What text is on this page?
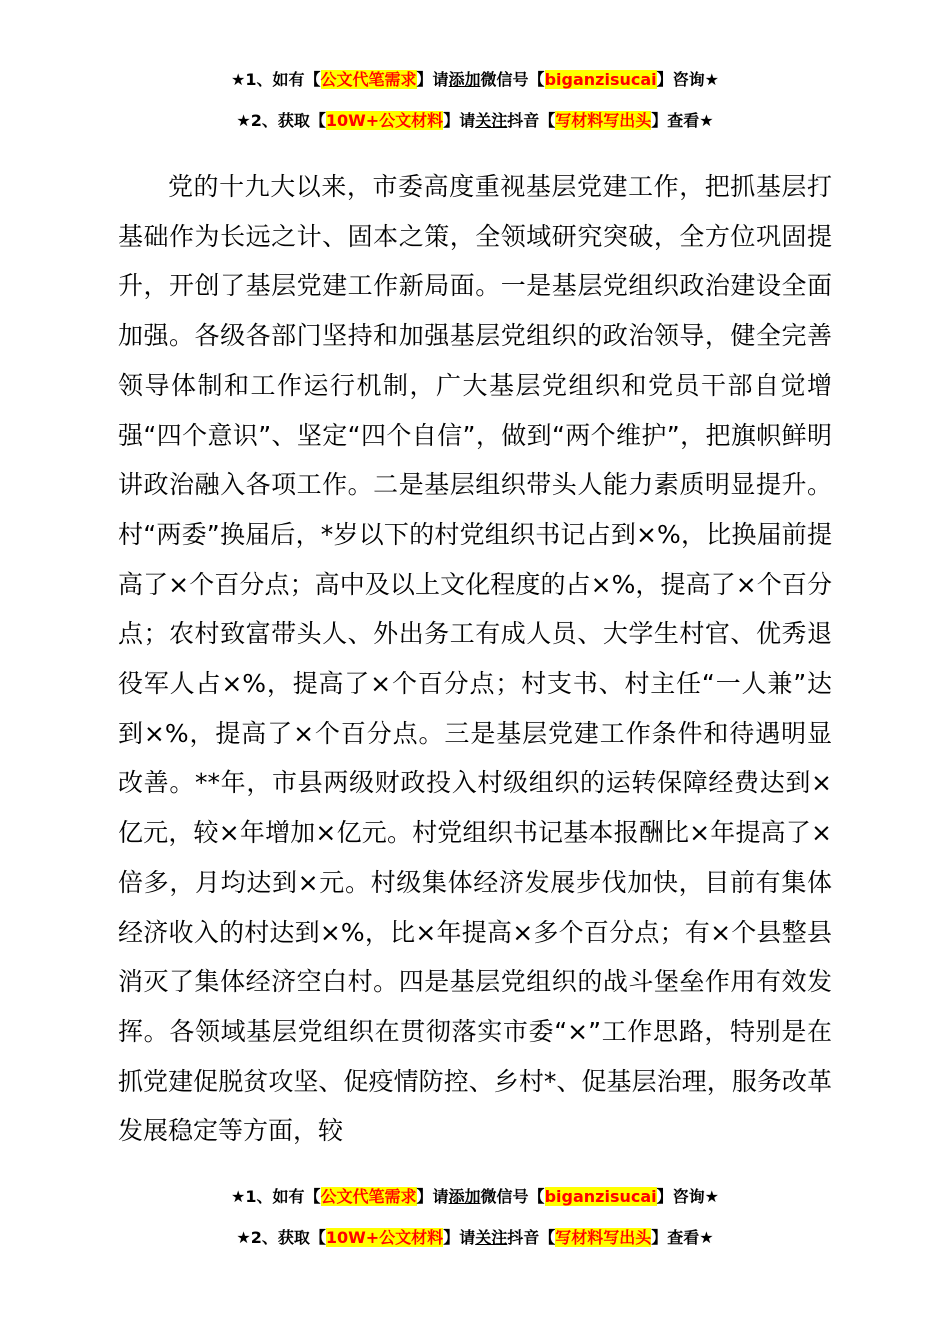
★1、如有【公文代笔需求】请添加微信号【biganzisucai】咨询★
★2、获取【10W+公文材料】请关注抖音【写材料写出头】查看★

党的十九大以来，市委高度重视基层党建工作，把抓基层打基础作为长远之计、固本之策，全领域研究突破，全方位巩固提升，开创了基层党建工作新局面。一是基层党组织政治建设全面加强。各级各部门坚持和加强基层党组织的政治领导，健全完善领导体制和工作运行机制，广大基层党组织和党员干部自觉增强“四个意识”、坚定“四个自信”，做到“两个维护”，把旗帜鲜明讲政治融入各项工作。二是基层组织带头人能力素质明显提升。村“两委”换届后，*岁以下的村党组织书记占到×%，比换届前提高了×个百分点；高中及以上文化程度的占×%，提高了×个百分点；农村致富带头人、外出务工有成人员、大学生村官、优秀退役军人占×%，提高了×个百分点；村支书、村主任“一人兼”达到×%，提高了×个百分点。三是基层党建工作条件和待遇明显改善。**年，市县两级财政投入村级组织的运转保障经费达到×亿元，较×年增加×亿元。村党组织书记基本报酬比×年提高了×倍多，月均达到×元。村级集体经济发展步伐加快，目前有集体经济收入的村达到×%，比×年提高×多个百分点；有×个县整县消灭了集体经济空白村。四是基层党组织的战斗堡垒作用有效发挥。各领域基层党组织在贯彻落实市委“×”工作思路，特别是在抓党建促脱贫攻坚、促疫情防控、乡村*、促基层治理，服务改革发展稳定等方面，较

★1、如有【公文代笔需求】请添加微信号【biganzisucai】咨询★
★2、获取【10W+公文材料】请关注抖音【写材料写出头】查看★
